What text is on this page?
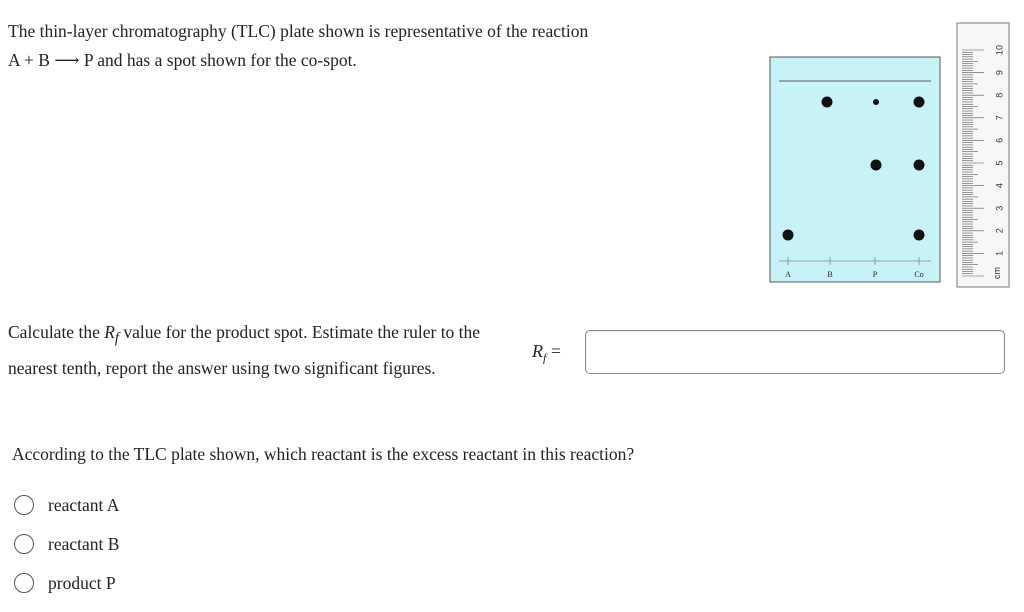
The thin-layer chromatography (TLC) plate shown is representative of the reaction
A + B ⟶ P and has a spot shown for the co-spot.
A	B	P	Co
1
2
3
4
5
6
7
8
9
10
cm
Calculate the $R_f$ value for the product spot. Estimate the ruler to the nearest tenth, report the answer using two significant figures.
$R_f$ =
According to the TLC plate shown, which reactant is the excess reactant in this reaction?
reactant A
reactant B
product P
